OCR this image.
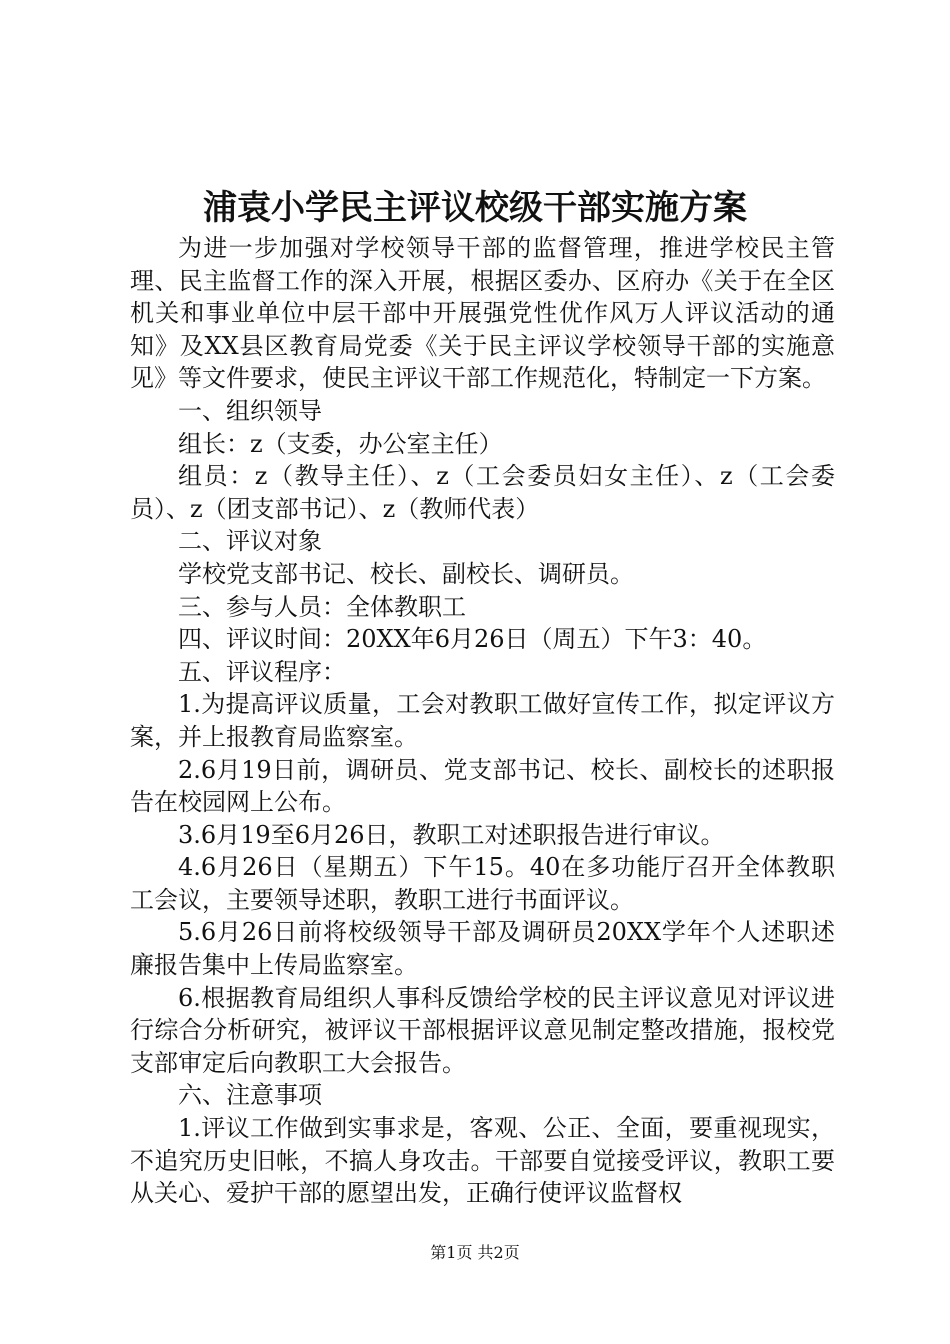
浦袁小学民主评议校级干部实施方案

为进一步加强对学校领导干部的监督管理，推进学校民主管理、民主监督工作的深入开展，根据区委办、区府办《关于在全区机关和事业单位中层干部中开展强党性优作风万人评议活动的通知》及XX县区教育局党委《关于民主评议学校领导干部的实施意见》等文件要求，使民主评议干部工作规范化，特制定一下方案。

一、组织领导

组长：z（支委，办公室主任）

组员：z（教导主任）、z（工会委员妇女主任）、z（工会委员）、z（团支部书记）、z（教师代表）

二、评议对象

学校党支部书记、校长、副校长、调研员。

三、参与人员：全体教职工

四、评议时间：20XX年6月26日（周五）下午3：40。

五、评议程序：

1.为提高评议质量，工会对教职工做好宣传工作，拟定评议方案，并上报教育局监察室。

2.6月19日前，调研员、党支部书记、校长、副校长的述职报告在校园网上公布。

3.6月19至6月26日，教职工对述职报告进行审议。

4.6月26日（星期五）下午15。40在多功能厅召开全体教职工会议，主要领导述职，教职工进行书面评议。

5.6月26日前将校级领导干部及调研员20XX学年个人述职述廉报告集中上传局监察室。

6.根据教育局组织人事科反馈给学校的民主评议意见对评议进行综合分析研究，被评议干部根据评议意见制定整改措施，报校党支部审定后向教职工大会报告。

六、注意事项

1.评议工作做到实事求是，客观、公正、全面，要重视现实，不追究历史旧帐，不搞人身攻击。干部要自觉接受评议，教职工要从关心、爱护干部的愿望出发，正确行使评议监督权

第1页 共2页
